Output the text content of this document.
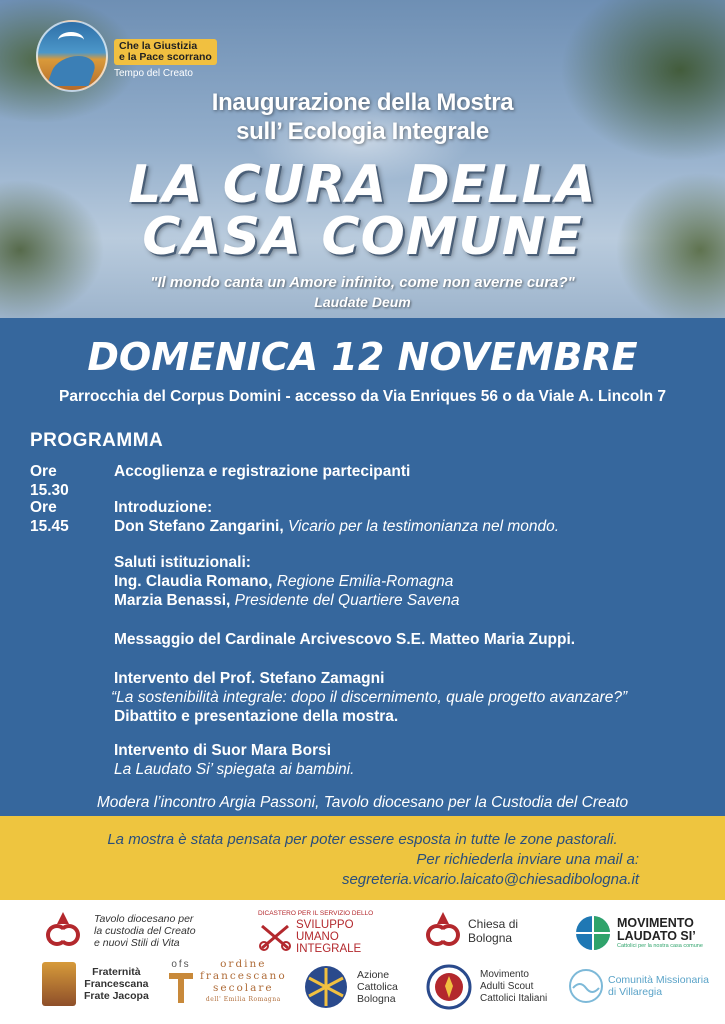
Che la Giustizia
e la Pace scorrano
Tempo del Creato
Inaugurazione della Mostra
sull’ Ecologia Integrale
LA CURA DELLA
CASA COMUNE
"Il mondo canta un Amore infinito, come non averne cura?"
Laudate Deum
DOMENICA 12 NOVEMBRE
Parrocchia del Corpus Domini - accesso da Via Enriques 56 o da Viale A. Lincoln 7
PROGRAMMA
Ore 15.30
Accoglienza e registrazione partecipanti
Ore 15.45
Introduzione:
Don Stefano Zangarini, Vicario per la testimonianza nel mondo.
Saluti istituzionali:
Ing. Claudia Romano, Regione Emilia-Romagna
Marzia Benassi, Presidente del Quartiere Savena
Messaggio del Cardinale Arcivescovo S.E. Matteo Maria Zuppi.
Intervento del Prof. Stefano Zamagni
“La sostenibilità integrale: dopo il discernimento, quale progetto avanzare?”
Dibattito e presentazione della mostra.
Intervento di Suor Mara Borsi
La Laudato Si’ spiegata ai bambini.
Modera l’incontro Argia Passoni, Tavolo diocesano per la Custodia del Creato
La mostra è stata pensata per poter essere esposta in tutte le zone pastorali.
Per richiederla inviare una mail a:
segreteria.vicario.laicato@chiesadibologna.it
Tavolo diocesano per
la custodia del Creato
e nuovi Stili di Vita
DICASTERO PER IL SERVIZIO DELLO
SVILUPPO
UMANO
INTEGRALE
Chiesa di
Bologna
MOVIMENTO
LAUDATO SI’
Cattolici per la nostra casa comune
Fraternità
Francescana
Frate Jacopa
ofs	ordine
francescano
secolare
dell' Emilia Romagna
Azione
Cattolica
Bologna
Movimento
Adulti Scout
Cattolici Italiani
Comunità Missionaria
di Villaregia
